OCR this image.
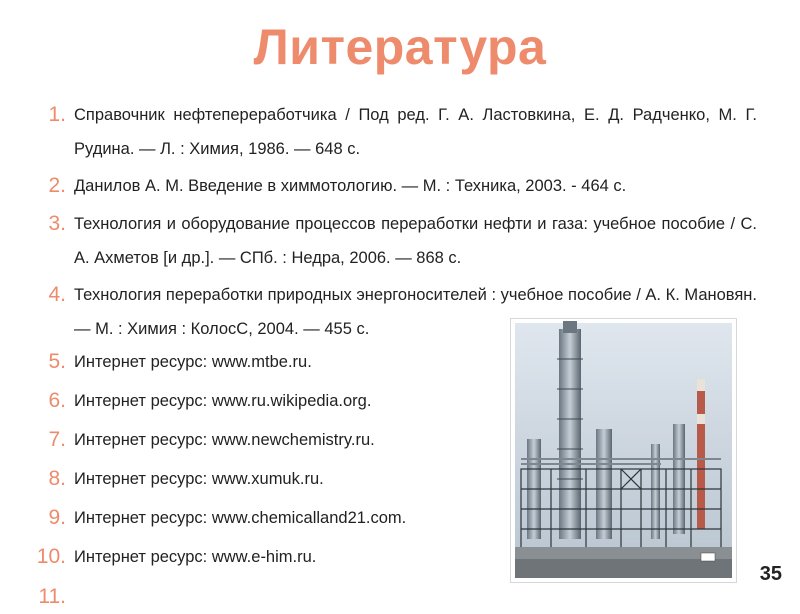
Литература
1. Справочник нефтепереработчика / Под ред. Г. А. Ластовкина, Е. Д. Радченко, М. Г. Рудина. — Л. : Химия, 1986. — 648 с.
2. Данилов А. М. Введение в химмотологию. — М. : Техника, 2003. - 464 с.
3. Технология и оборудование процессов переработки нефти и газа: учебное пособие / С. А. Ахметов [и др.]. — СПб. : Недра, 2006. — 868 с.
4. Технология переработки природных энергоносителей : учебное пособие / А. К. Мановян. — М. : Химия : КолосС, 2004. — 455 с.
5. Интернет ресурс: www.mtbe.ru.
6. Интернет ресурс: www.ru.wikipedia.org.
7. Интернет ресурс: www.newchemistry.ru.
8. Интернет ресурс: www.xumuk.ru.
9. Интернет ресурс: www.chemicalland21.com.
10. Интернет ресурс: www.e-him.ru.
11.
35
